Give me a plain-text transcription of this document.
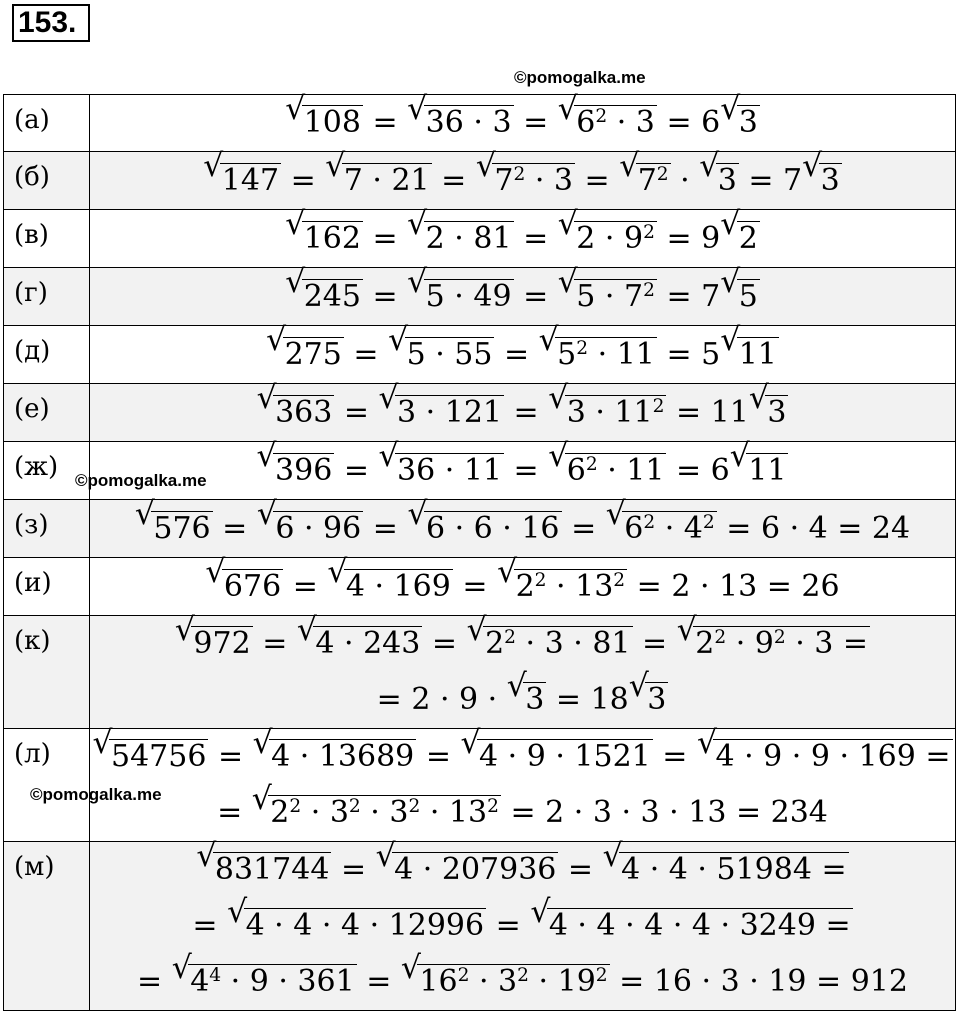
153.
(а)	√ 108 = √ 36 · 3 = √ $6^2 \cdot 3 = 6$ √ 3

(б)	√ 147 = √ 7 · 21 = √ $7^2 \cdot 3$ = √ $7^2$ · √ 3 = 7 √ 3

(в)	√ 162 = √ 2 · 81 = √ $2 \cdot 9^2 = 9$ √ 2

(г)	√ 245 = √ 5 · 49 = √ $5 \cdot 7^2 = 7$ √ 5

(д)	√ 275 = √ 5 · 55 = √ $5^2 \cdot 11 = 5$ √ 11

(е)	√ 363 = √ 3 · 121 = √ $3 \cdot 11^2 = 11$ √ 3

(ж)	√ 396 = √ 36 · 11 = √ $6^2 \cdot 11 = 6$ √ 11

(з)	√ 576 = √ 6 · 96 = √ 6 · 6 · 16 = √ $6^2 \cdot 4^2 = 6 \cdot 4 = 24$

(и)	√ 676 = √ 4 · 169 = √ $2^2 \cdot 13^2 = 2 \cdot 13 = 26$

(к)	√ 972 = √ 4 · 243 = √ $2^2 \cdot 3 \cdot 81$ = √ $2^2 \cdot 9^2 \cdot 3$ =
= 2 · 9 · √ 3 = 18 √ 3

(л)	√ 54756 = √ 4 · 13689 = √ 4 · 9 · 1521 = √ 4 · 9 · 9 · 169 =
= √ $2^2 \cdot 3^2 \cdot 3^2 \cdot 13^2 = 2 \cdot 3 \cdot 3 \cdot 13 = 234$

(м)	√ 831744 = √ 4 · 207936 = √ 4 · 4 · 51984 =
= √ 4 · 4 · 4 · 12996 = √ 4 · 4 · 4 · 4 · 3249 =
= √ $4^4 \cdot 9 \cdot 361$ = √ $16^2 \cdot 3^2 \cdot 19^2 = 16 \cdot 3 \cdot 19 = 912$
©pomogalka.me
©pomogalka.me
©pomogalka.me
